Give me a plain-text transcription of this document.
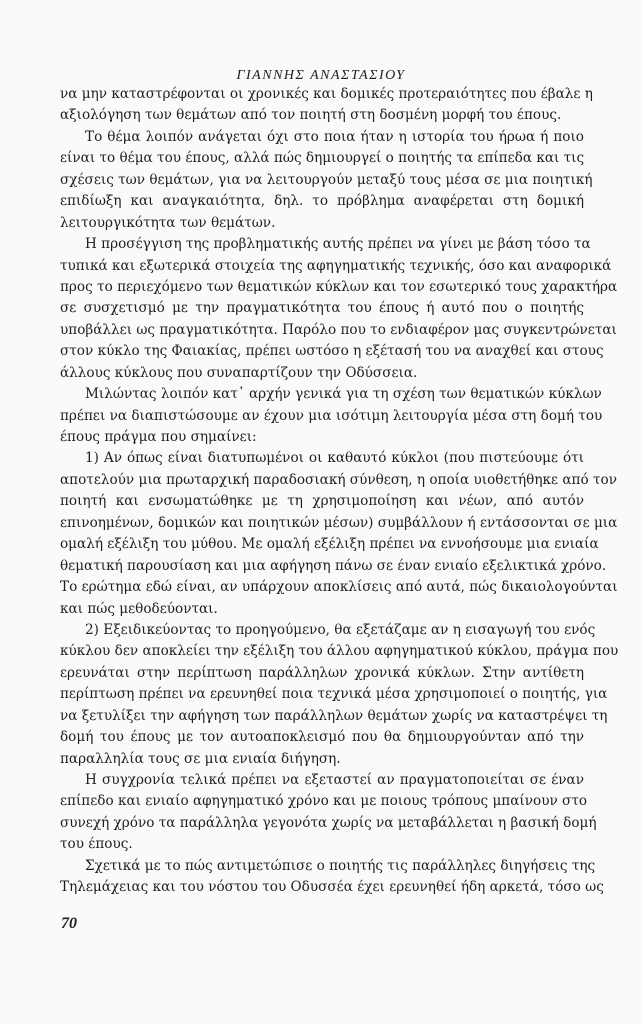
ΓΙΑΝΝΗΣ ΑΝΑΣΤΑΣΙΟΥ
να μην καταστρέφονται οι χρονικές και δομικές προτεραιότητες που έβαλε η
αξιολόγηση των θεμάτων από τον ποιητή στη δοσμένη μορφή του έπους.
Το θέμα λοιπόν ανάγεται όχι στο ποια ήταν η ιστορία του ήρωα ή ποιο
είναι το θέμα του έπους, αλλά πώς δημιουργεί ο ποιητής τα επίπεδα και τις
σχέσεις των θεμάτων, για να λειτουργούν μεταξύ τους μέσα σε μια ποιητική
επιδίωξη και αναγκαιότητα, δηλ. το πρόβλημα αναφέρεται στη δομική
λειτουργικότητα των θεμάτων.
Η προσέγγιση της προβληματικής αυτής πρέπει να γίνει με βάση τόσο τα
τυπικά και εξωτερικά στοιχεία της αφηγηματικής τεχνικής, όσο και αναφορικά
προς το περιεχόμενο των θεματικών κύκλων και τον εσωτερικό τους χαρακτήρα
σε συσχετισμό με την πραγματικότητα του έπους ή αυτό που ο ποιητής
υποβάλλει ως πραγματικότητα. Παρόλο που το ενδιαφέρον μας συγκεντρώνεται
στον κύκλο της Φαιακίας, πρέπει ωστόσο η εξέτασή του να αναχθεί και στους
άλλους κύκλους που συναπαρτίζουν την Οδύσσεια.
Μιλώντας λοιπόν κατ᾽ αρχήν γενικά για τη σχέση των θεματικών κύκλων
πρέπει να διαπιστώσουμε αν έχουν μια ισότιμη λειτουργία μέσα στη δομή του
έπους πράγμα που σημαίνει:
1) Αν όπως είναι διατυπωμένοι οι καθαυτό κύκλοι (που πιστεύουμε ότι
αποτελούν μια πρωταρχική παραδοσιακή σύνθεση, η οποία υιοθετήθηκε από τον
ποιητή και ενσωματώθηκε με τη χρησιμοποίηση και νέων, από αυτόν
επινοημένων, δομικών και ποιητικών μέσων) συμβάλλουν ή εντάσσονται σε μια
ομαλή εξέλιξη του μύθου. Με ομαλή εξέλιξη πρέπει να εννοήσουμε μια ενιαία
θεματική παρουσίαση και μια αφήγηση πάνω σε έναν ενιαίο εξελικτικά χρόνο.
Το ερώτημα εδώ είναι, αν υπάρχουν αποκλίσεις από αυτά, πώς δικαιολογούνται
και πώς μεθοδεύονται.
2) Εξειδικεύοντας το προηγούμενο, θα εξετάζαμε αν η εισαγωγή του ενός
κύκλου δεν αποκλείει την εξέλιξη του άλλου αφηγηματικού κύκλου, πράγμα που
ερευνάται στην περίπτωση παράλληλων χρονικά κύκλων. Στην αντίθετη
περίπτωση πρέπει να ερευνηθεί ποια τεχνικά μέσα χρησιμοποιεί ο ποιητής, για
να ξετυλίξει την αφήγηση των παράλληλων θεμάτων χωρίς να καταστρέψει τη
δομή του έπους με τον αυτοαποκλεισμό που θα δημιουργούνταν από την
παραλληλία τους σε μια ενιαία διήγηση.
Η συγχρονία τελικά πρέπει να εξεταστεί αν πραγματοποιείται σε έναν
επίπεδο και ενιαίο αφηγηματικό χρόνο και με ποιους τρόπους μπαίνουν στο
συνεχή χρόνο τα παράλληλα γεγονότα χωρίς να μεταβάλλεται η βασική δομή
του έπους.
Σχετικά με το πώς αντιμετώπισε ο ποιητής τις παράλληλες διηγήσεις της
Τηλεμάχειας και του νόστου του Οδυσσέα έχει ερευνηθεί ήδη αρκετά, τόσο ως
70
